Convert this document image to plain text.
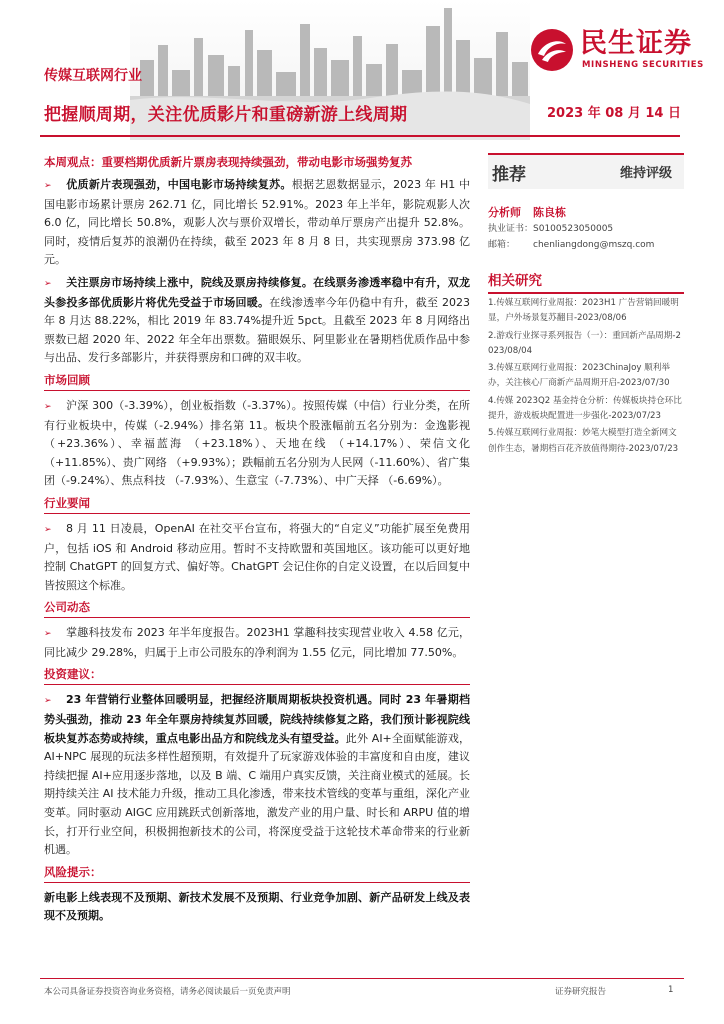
民生证券
MINSHENG SECURITIES
传媒互联网行业
把握顺周期，关注优质影片和重磅新游上线周期	2023 年 08 月 14 日
本周观点：重要档期优质新片票房表现持续强劲，带动电影市场强势复苏

➢ 优质新片表现强劲，中国电影市场持续复苏。根据艺恩数据显示，2023 年 H1 中国电影市场累计票房 262.71 亿，同比增长 52.91%。2023 年上半年，影院观影人次 6.0 亿，同比增长 50.8%，观影人次与票价双增长，带动单厅票房产出提升 52.8%。同时，疫情后复苏的浪潮仍在持续，截至 2023 年 8 月 8 日，共实现票房 373.98 亿元。

➢ 关注票房市场持续上涨中，院线及票房持续修复。在线票务渗透率稳中有升，双龙头参投多部优质影片将优先受益于市场回暖。在线渗透率今年仍稳中有升，截至 2023 年 8 月达 88.22%，相比 2019 年 83.74%提升近 5pct。且截至 2023 年 8 月网络出票数已超 2020 年、2022 年全年出票数。猫眼娱乐、阿里影业在暑期档优质作品中参与出品、发行多部影片，并获得票房和口碑的双丰收。

市场回顾

➢ 沪深 300（-3.39%），创业板指数（-3.37%）。按照传媒（中信）行业分类，在所有行业板块中，传媒（-2.94%）排名第 11。板块个股涨幅前五名分别为：金逸影视 （+23.36%）、幸福蓝海 （+23.18%）、天地在线 （+14.17%）、荣信文化 （+11.85%）、贵广网络 （+9.93%）；跌幅前五名分别为人民网（-11.60%）、省广集团（-9.24%）、焦点科技 （-7.93%）、生意宝（-7.73%）、中广天择 （-6.69%）。

行业要闻

➢ 8 月 11 日凌晨，OpenAI 在社交平台宣布，将强大的“自定义”功能扩展至免费用户，包括 iOS 和 Android 移动应用。暂时不支持欧盟和英国地区。该功能可以更好地控制 ChatGPT 的回复方式、偏好等。ChatGPT 会记住你的自定义设置，在以后回复中皆按照这个标准。

公司动态

➢ 掌趣科技发布 2023 年半年度报告。2023H1 掌趣科技实现营业收入 4.58 亿元，同比减少 29.28%，归属于上市公司股东的净利润为 1.55 亿元，同比增加 77.50%。

投资建议：

➢ 23 年营销行业整体回暖明显，把握经济顺周期板块投资机遇。同时 23 年暑期档势头强劲，推动 23 年全年票房持续复苏回暖，院线持续修复之路，我们预计影视院线板块复苏态势或持续，重点电影出品方和院线龙头有望受益。此外 AI+全面赋能游戏，AI+NPC 展现的玩法多样性超预期，有效提升了玩家游戏体验的丰富度和自由度，建议持续把握 AI+应用逐步落地，以及 B 端、C 端用户真实反馈，关注商业模式的延展。长期持续关注 AI 技术能力升级，推动工具化渗透，带来技术管线的变革与重组，深化产业变革。同时驱动 AIGC 应用跳跃式创新落地，激发产业的用户量、时长和 ARPU 值的增长，打开行业空间，积极拥抱新技术的公司，将深度受益于这轮技术革命带来的行业新机遇。

风险提示：

新电影上线表现不及预期、新技术发展不及预期、行业竞争加剧、新产品研发上线及表现不及预期。

推荐	维持评级
分析师	陈良栋
执业证书： S0100523050005
邮箱：	chenliangdong@mszq.com
相关研究
1.传媒互联网行业周报：2023H1 广告营销回暖明显，户外场景复苏翻目-2023/08/06
2.游戏行业探寻系列报告（一）：重回新产品周期-2023/08/04
3.传媒互联网行业周报：2023ChinaJoy 顺利举办，关注核心厂商新产品周期开启-2023/07/30
4.传媒 2023Q2 基金持仓分析：传媒板块持仓环比提升，游戏板块配置进一步强化-2023/07/23
5.传媒互联网行业周报：妙笔大模型打造全新网文创作生态，暑期档百花齐放值得期待-2023/07/23
本公司具备证券投资咨询业务资格，请务必阅读最后一页免责声明	证券研究报告	1
